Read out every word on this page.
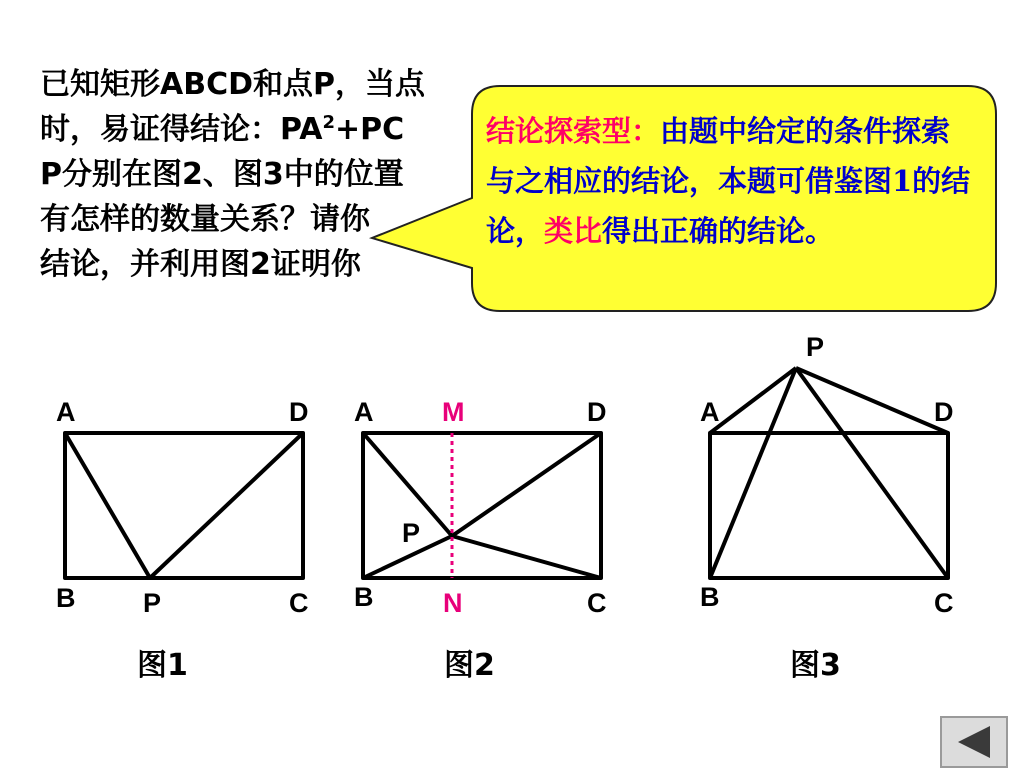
已知矩形ABCD和点P，当点
时，易证得结论：$PA^2+PC$
P分别在图2、图3中的位置
有怎样的数量关系？请你
结论，并利用图2证明你
A	D
B	P	C
A	M	D
P
B	N	C
P
A	D
B	C
图1	图2	图3

结论探索型：由题中给定的条件探索与之相应的结论，本题可借鉴图1的结论，类比得出正确的结论。
